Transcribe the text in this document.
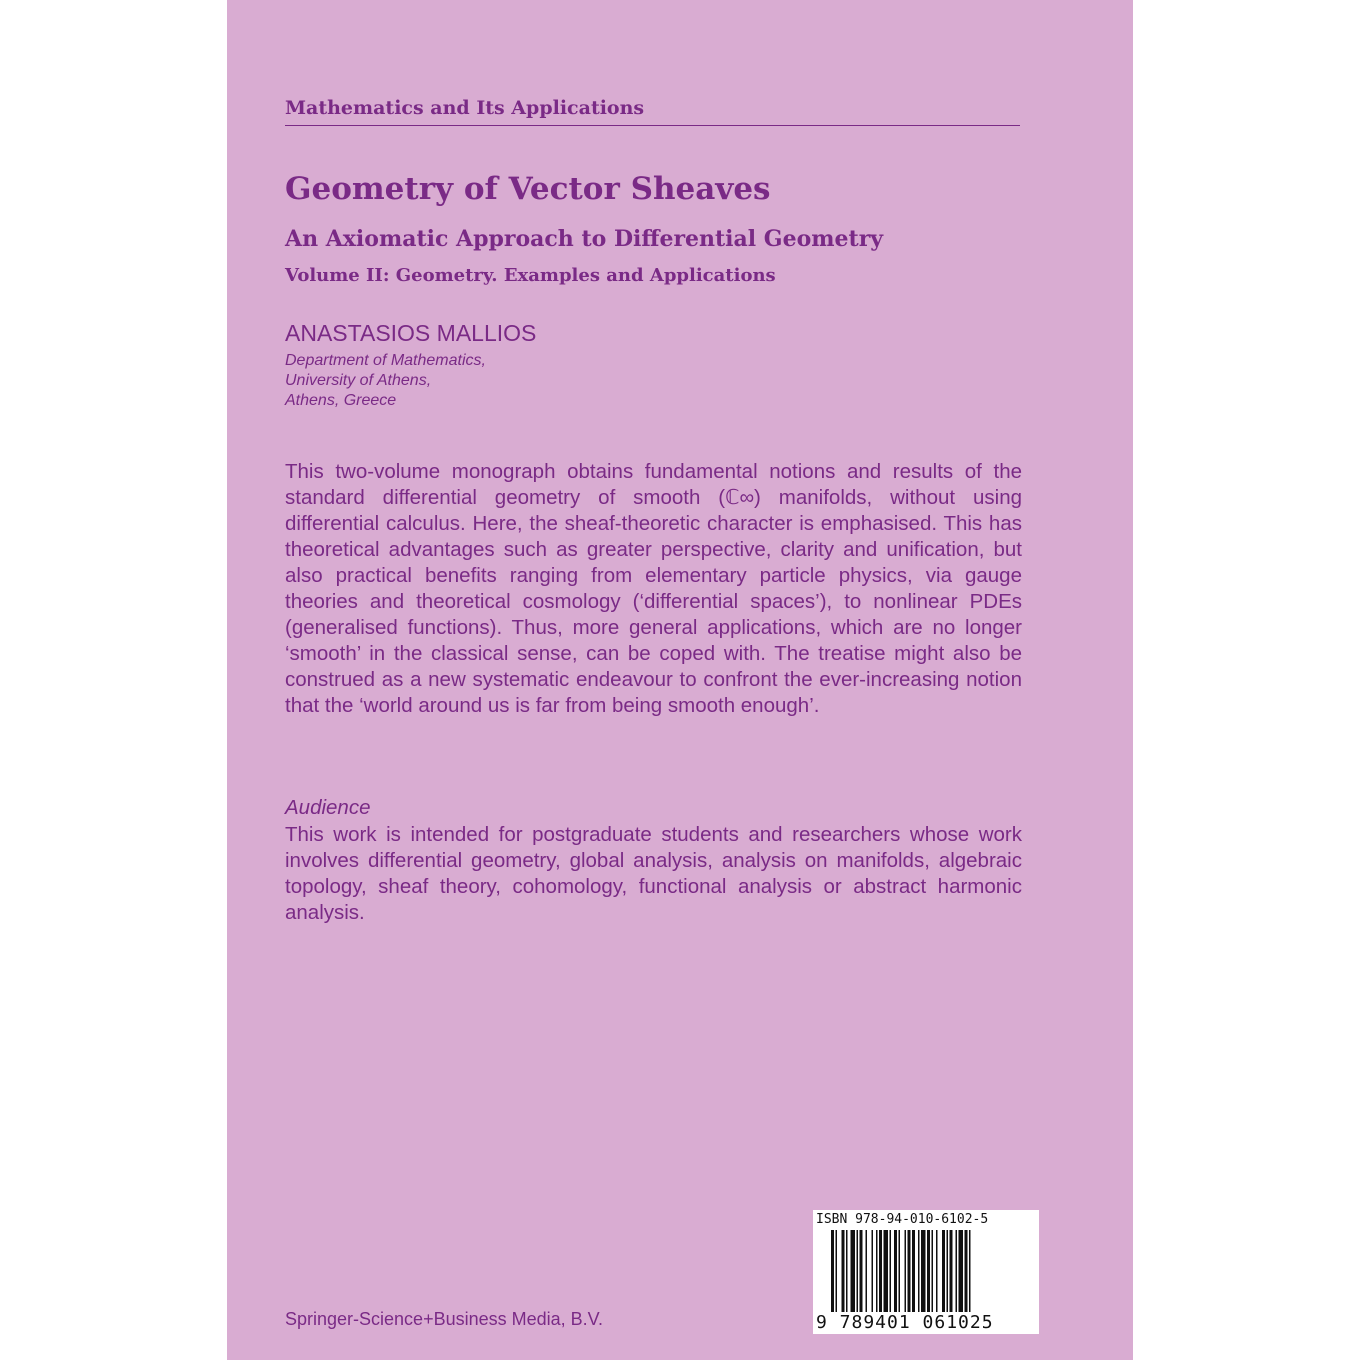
Mathematics and Its Applications
Geometry of Vector Sheaves
An Axiomatic Approach to Differential Geometry
Volume II: Geometry. Examples and Applications
ANASTASIOS MALLIOS
Department of Mathematics,
University of Athens,
Athens, Greece
This two-volume monograph obtains fundamental notions and results of the standard differential geometry of smooth (ℂ∞) manifolds, without using differential calculus. Here, the sheaf-theoretic character is emphasised. This has theoretical advantages such as greater perspective, clarity and unification, but also practical benefits ranging from elementary particle physics, via gauge theories and theoretical cosmology (‘differential spaces’), to nonlinear PDEs (generalised functions). Thus, more general applications, which are no longer ‘smooth’ in the classical sense, can be coped with. The treatise might also be construed as a new systematic endeavour to confront the ever-increasing notion that the ‘world around us is far from being smooth enough’.
Audience
This work is intended for postgraduate students and researchers whose work involves differential geometry, global analysis, analysis on manifolds, algebraic topology, sheaf theory, cohomology, functional analysis or abstract harmonic analysis.
Springer-Science+Business Media, B.V.
ISBN 978-94-010-6102-5
9 789401 061025
